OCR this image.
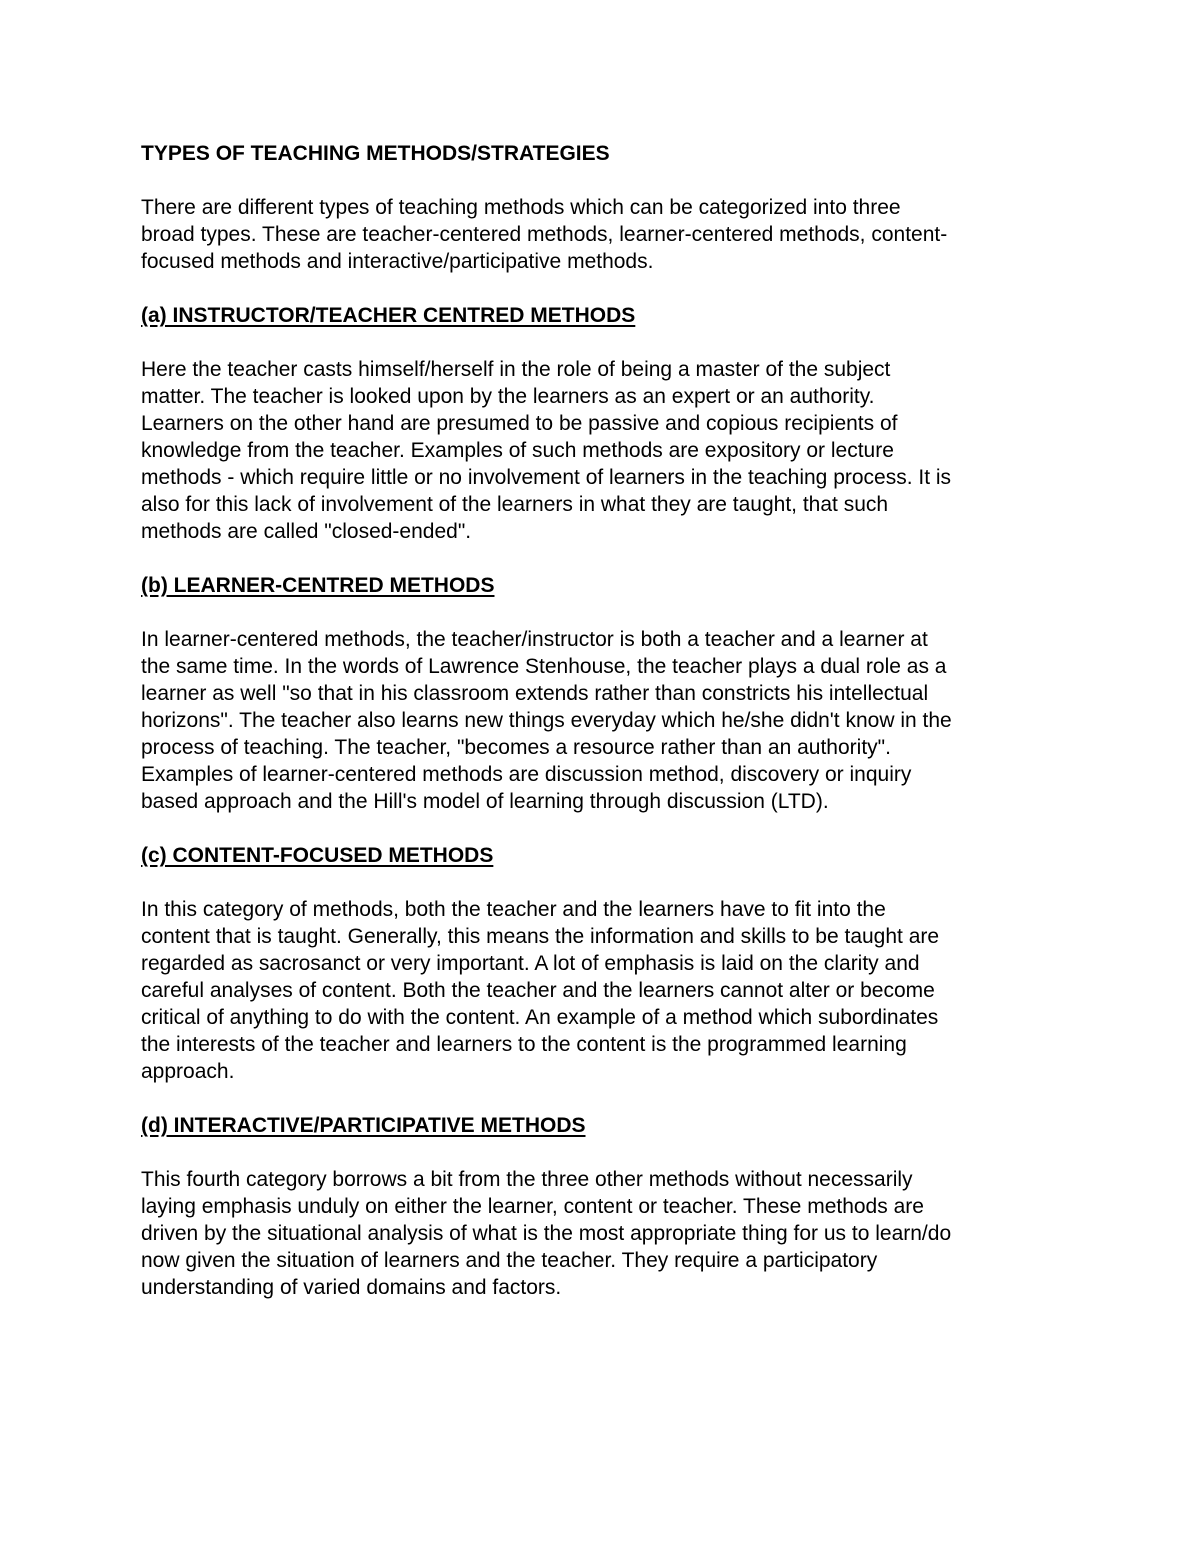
TYPES OF TEACHING METHODS/STRATEGIES
There are different types of teaching methods which can be categorized into three
broad types. These are teacher-centered methods, learner-centered methods, content-
focused methods and interactive/participative methods.
(a) INSTRUCTOR/TEACHER CENTRED METHODS
Here the teacher casts himself/herself in the role of being a master of the subject
matter. The teacher is looked upon by the learners as an expert or an authority.
Learners on the other hand are presumed to be passive and copious recipients of
knowledge from the teacher. Examples of such methods are expository or lecture
methods - which require little or no involvement of learners in the teaching process. It is
also for this lack of involvement of the learners in what they are taught, that such
methods are called "closed-ended".
(b) LEARNER-CENTRED METHODS
In learner-centered methods, the teacher/instructor is both a teacher and a learner at
the same time. In the words of Lawrence Stenhouse, the teacher plays a dual role as a
learner as well "so that in his classroom extends rather than constricts his intellectual
horizons". The teacher also learns new things everyday which he/she didn't know in the
process of teaching. The teacher, "becomes a resource rather than an authority".
Examples of learner-centered methods are discussion method, discovery or inquiry
based approach and the Hill's model of learning through discussion (LTD).
(c) CONTENT-FOCUSED METHODS
In this category of methods, both the teacher and the learners have to fit into the
content that is taught. Generally, this means the information and skills to be taught are
regarded as sacrosanct or very important. A lot of emphasis is laid on the clarity and
careful analyses of content. Both the teacher and the learners cannot alter or become
critical of anything to do with the content. An example of a method which subordinates
the interests of the teacher and learners to the content is the programmed learning
approach.
(d) INTERACTIVE/PARTICIPATIVE METHODS
This fourth category borrows a bit from the three other methods without necessarily
laying emphasis unduly on either the learner, content or teacher. These methods are
driven by the situational analysis of what is the most appropriate thing for us to learn/do
now given the situation of learners and the teacher. They require a participatory
understanding of varied domains and factors.
